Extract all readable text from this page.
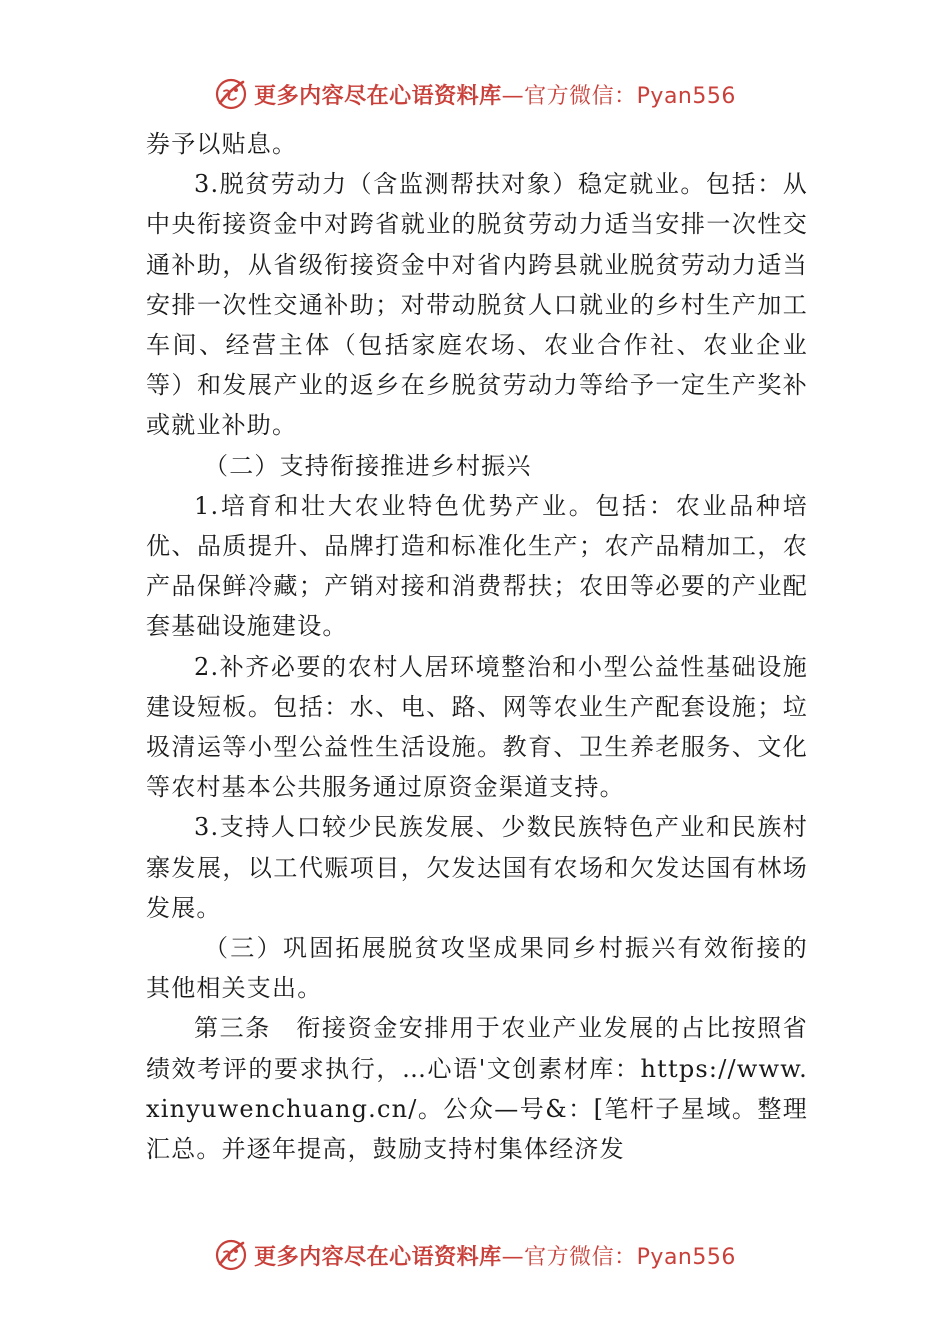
更多内容尽在心语资料库 —官方微信：Pyan556

券予以贴息。

3.脱贫劳动力（含监测帮扶对象）稳定就业。包括：从中央衔接资金中对跨省就业的脱贫劳动力适当安排一次性交通补助，从省级衔接资金中对省内跨县就业脱贫劳动力适当安排一次性交通补助；对带动脱贫人口就业的乡村生产加工车间、经营主体（包括家庭农场、农业合作社、农业企业等）和发展产业的返乡在乡脱贫劳动力等给予一定生产奖补或就业补助。

（二）支持衔接推进乡村振兴

1.培育和壮大农业特色优势产业。包括：农业品种培优、品质提升、品牌打造和标准化生产；农产品精加工，农产品保鲜冷藏；产销对接和消费帮扶；农田等必要的产业配套基础设施建设。

2.补齐必要的农村人居环境整治和小型公益性基础设施建设短板。包括：水、电、路、网等农业生产配套设施；垃圾清运等小型公益性生活设施。教育、卫生养老服务、文化等农村基本公共服务通过原资金渠道支持。

3.支持人口较少民族发展、少数民族特色产业和民族村寨发展，以工代赈项目，欠发达国有农场和欠发达国有林场发展。

（三）巩固拓展脱贫攻坚成果同乡村振兴有效衔接的其他相关支出。

第三条　衔接资金安排用于农业产业发展的占比按照省绩效考评的要求执行，…心语'文创素材库：https://www.xinyuwenchuang.cn/。公众—号&：[笔杆子星域。整理汇总。并逐年提高，鼓励支持村集体经济发

更多内容尽在心语资料库 —官方微信：Pyan556
